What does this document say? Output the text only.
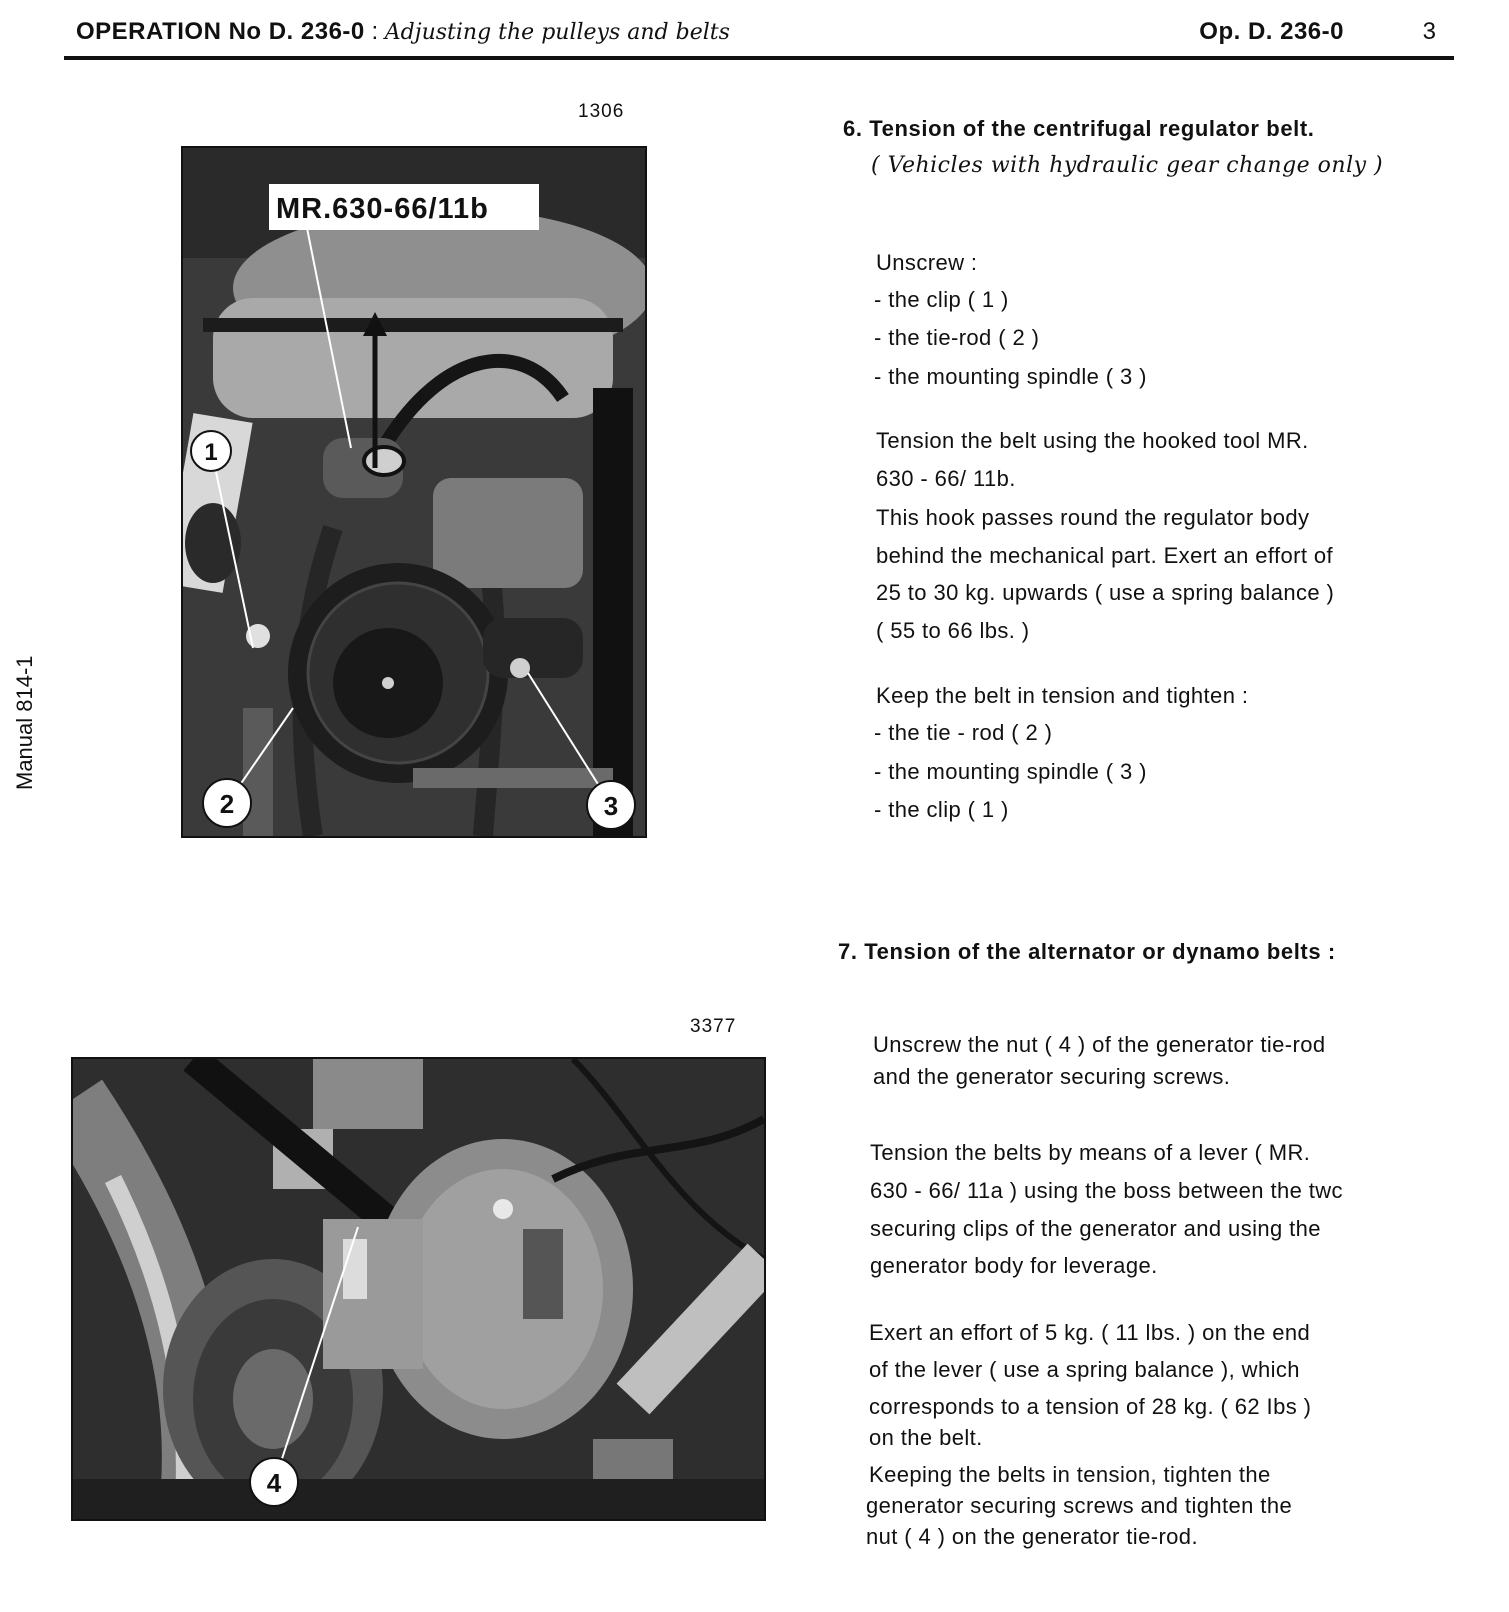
OPERATION No D. 236-0 : Adjusting the pulleys and belts	Op. D. 236-0	3
Manual 814-1
1306
MR.630-66/11b
1
2	3
3377
4
6. Tension of the centrifugal regulator belt.
( Vehicles with hydraulic gear change only )
Unscrew :
- the clip ( 1 )
- the tie-rod ( 2 )
- the mounting spindle ( 3 )
Tension the belt using the hooked tool MR.
630 - 66/ 11b.
This hook passes round the regulator body
behind the mechanical part. Exert an effort of
25 to 30 kg. upwards ( use a spring balance )
( 55 to 66 lbs. )
Keep the belt in tension and tighten :
- the tie - rod ( 2 )
- the mounting spindle ( 3 )
- the clip ( 1 )
7. Tension of the alternator or dynamo belts :
Unscrew the nut ( 4 ) of the generator tie-rod
and the generator securing screws.
Tension the belts by means of a lever ( MR.
630 - 66/ 11a ) using the boss between the twc
securing clips of the generator and using the
generator body for leverage.
Exert an effort of 5 kg. ( 11 lbs. ) on the end
of the lever ( use a spring balance ), which
corresponds to a tension of 28 kg. ( 62 Ibs )
on the belt.
Keeping the belts in tension, tighten the
generator securing screws and tighten the
nut ( 4 ) on the generator tie-rod.
